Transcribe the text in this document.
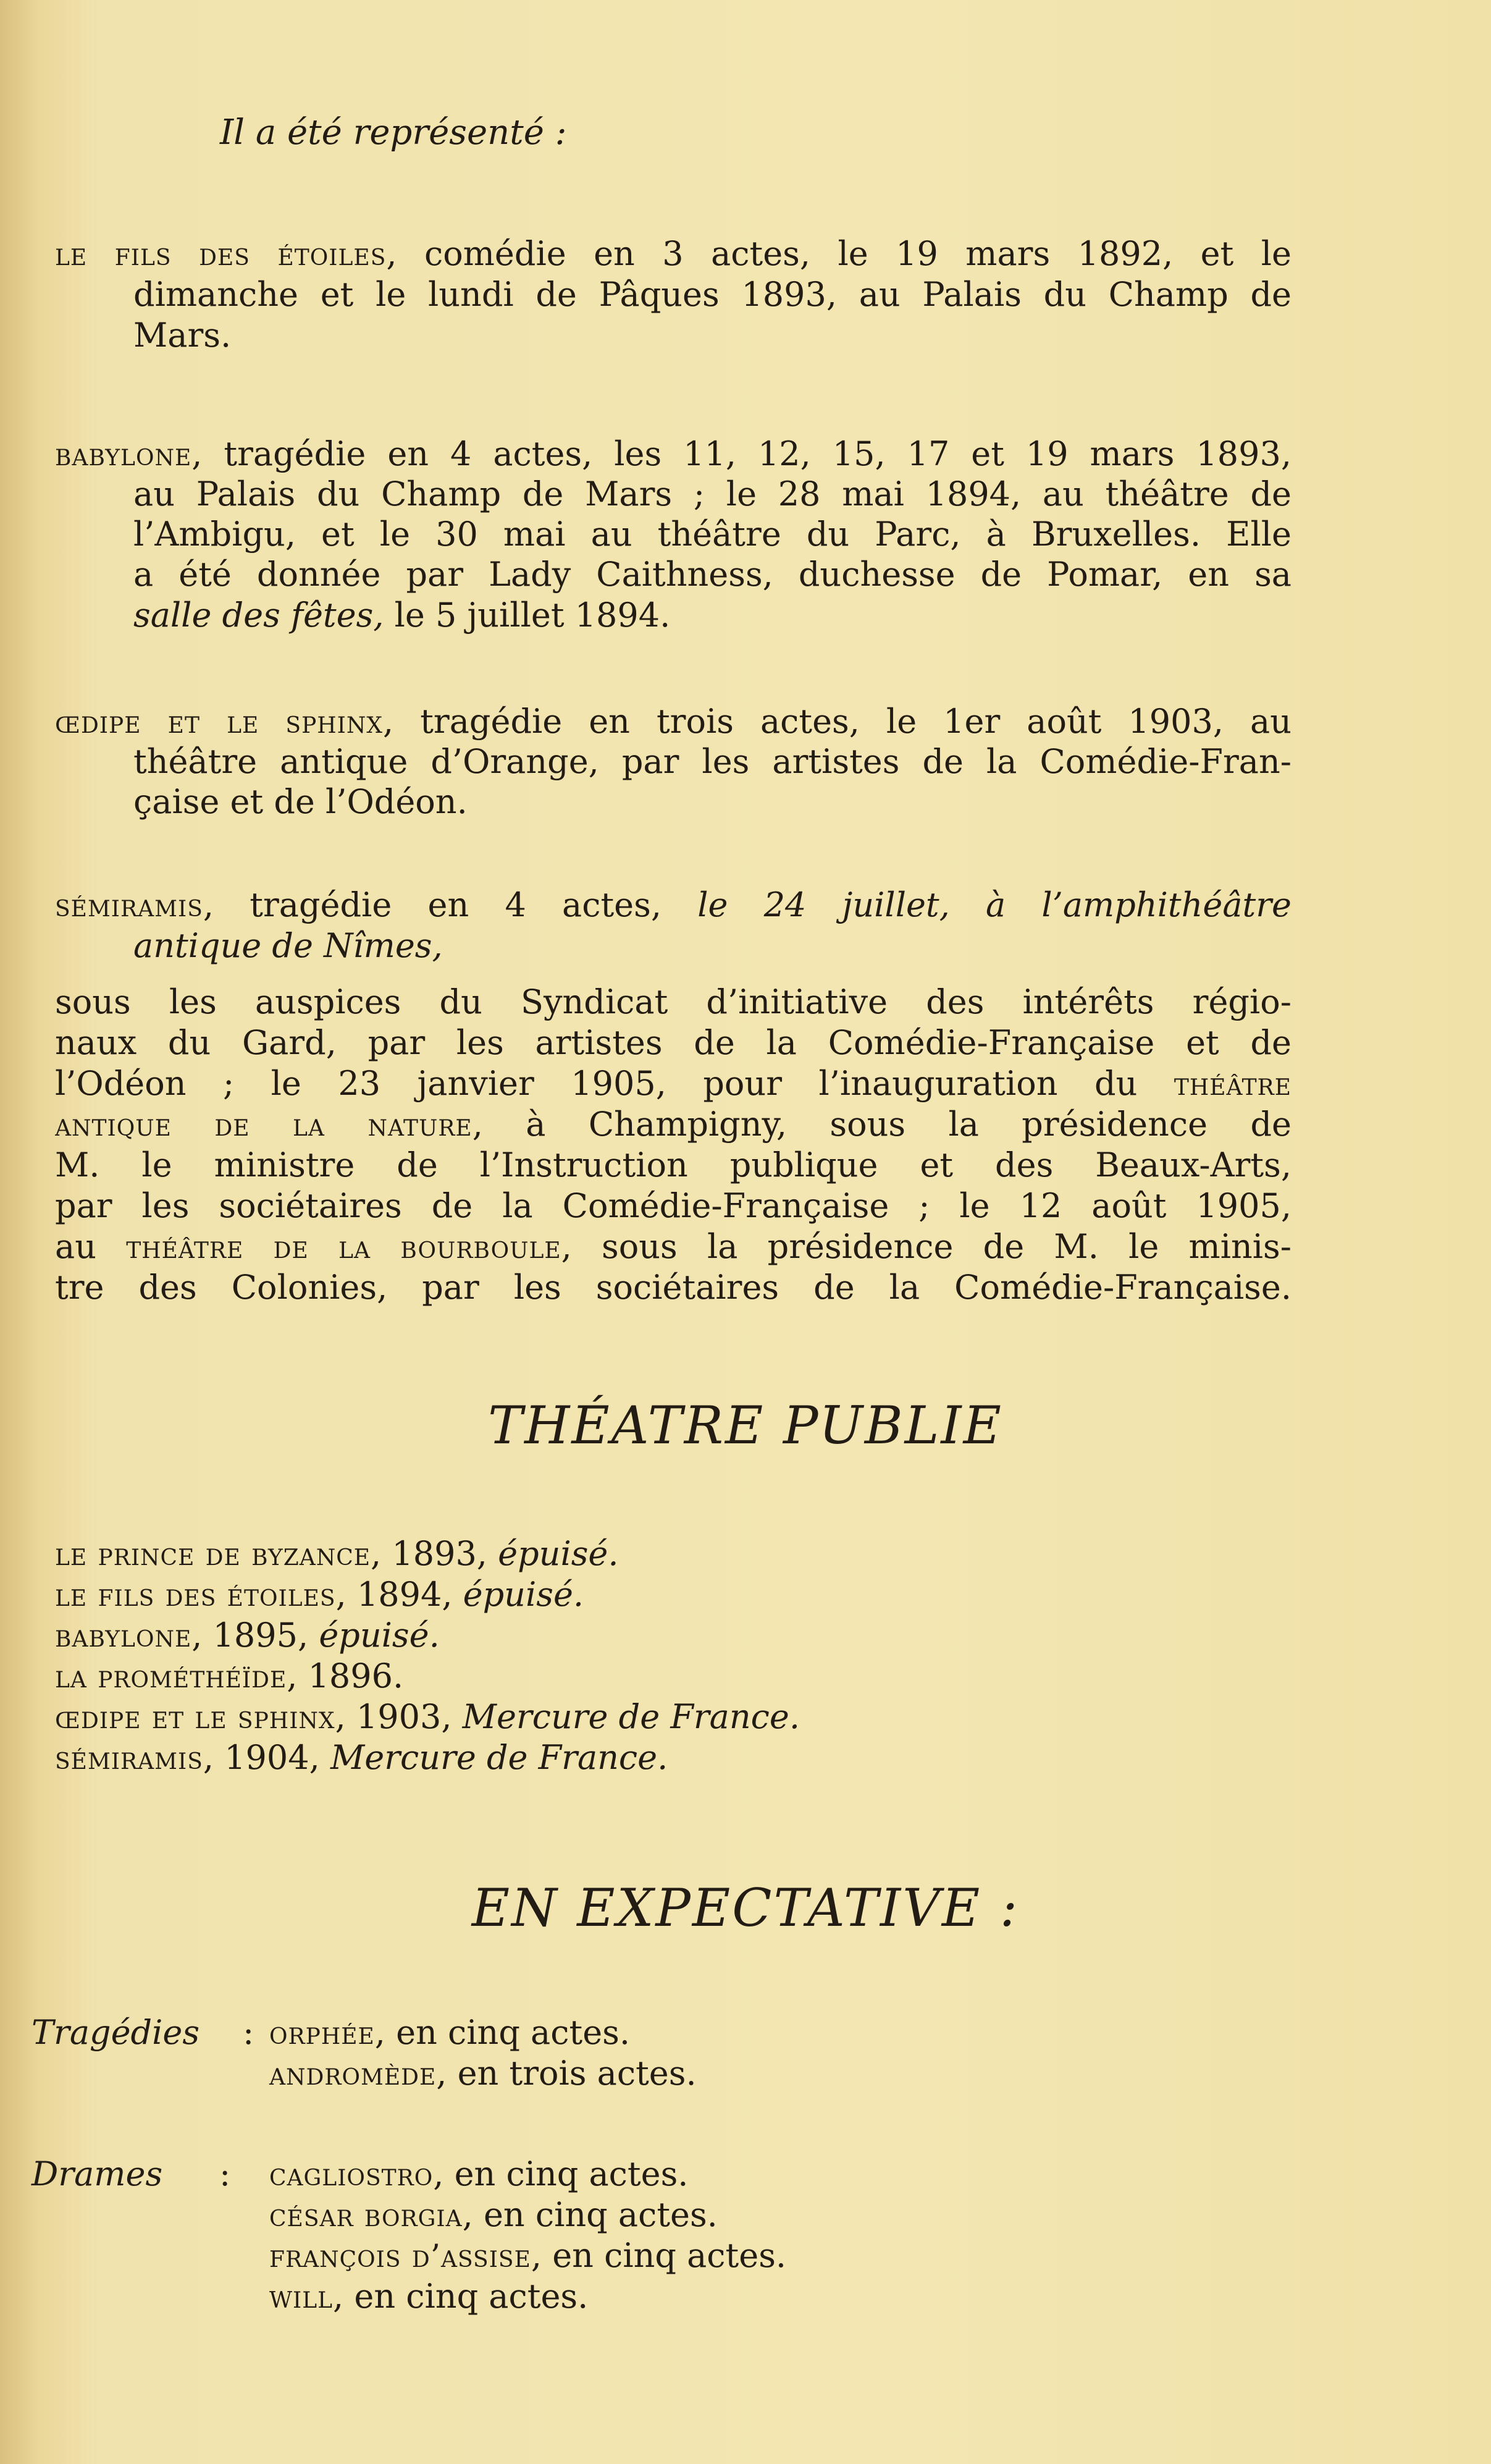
Il a été représenté :
THÉATRE PUBLIE
EN EXPECTATIVE :
le fils des étoiles, comédie en 3 actes, le 19 mars 1892, et le
dimanche et le lundi de Pâques 1893, au Palais du Champ de
Mars.
babylone, tragédie en 4 actes, les 11, 12, 15, 17 et 19 mars 1893,
au Palais du Champ de Mars ; le 28 mai 1894, au théâtre de
l’Ambigu, et le 30 mai au théâtre du Parc, à Bruxelles. Elle
a été donnée par Lady Caithness, duchesse de Pomar, en sa
salle des fêtes, le 5 juillet 1894.
œdipe et le sphinx, tragédie en trois actes, le 1er août 1903, au
théâtre antique d’Orange, par les artistes de la Comédie-Fran-
çaise et de l’Odéon.
sémiramis, tragédie en 4 actes, le 24 juillet, à l’amphithéâtre
antique de Nîmes,
sous les auspices du Syndicat d’initiative des intérêts régio-
naux du Gard, par les artistes de la Comédie-Française et de
l’Odéon ; le 23 janvier 1905, pour l’inauguration du théâtre
antique de la nature, à Champigny, sous la présidence de
M. le ministre de l’Instruction publique et des Beaux-Arts,
par les sociétaires de la Comédie-Française ; le 12 août 1905,
au théâtre de la bourboule, sous la présidence de M. le minis-
tre des Colonies, par les sociétaires de la Comédie-Française.
le prince de byzance, 1893, épuisé.
le fils des étoiles, 1894, épuisé.
babylone, 1895, épuisé.
la prométhéïde, 1896.
œdipe et le sphinx, 1903, Mercure de France.
sémiramis, 1904, Mercure de France.
Tragédies : orphée, en cinq actes.
andromède, en trois actes.
Drames : cagliostro, en cinq actes.
césar borgia, en cinq actes.
françois d’assise, en cinq actes.
will, en cinq actes.
